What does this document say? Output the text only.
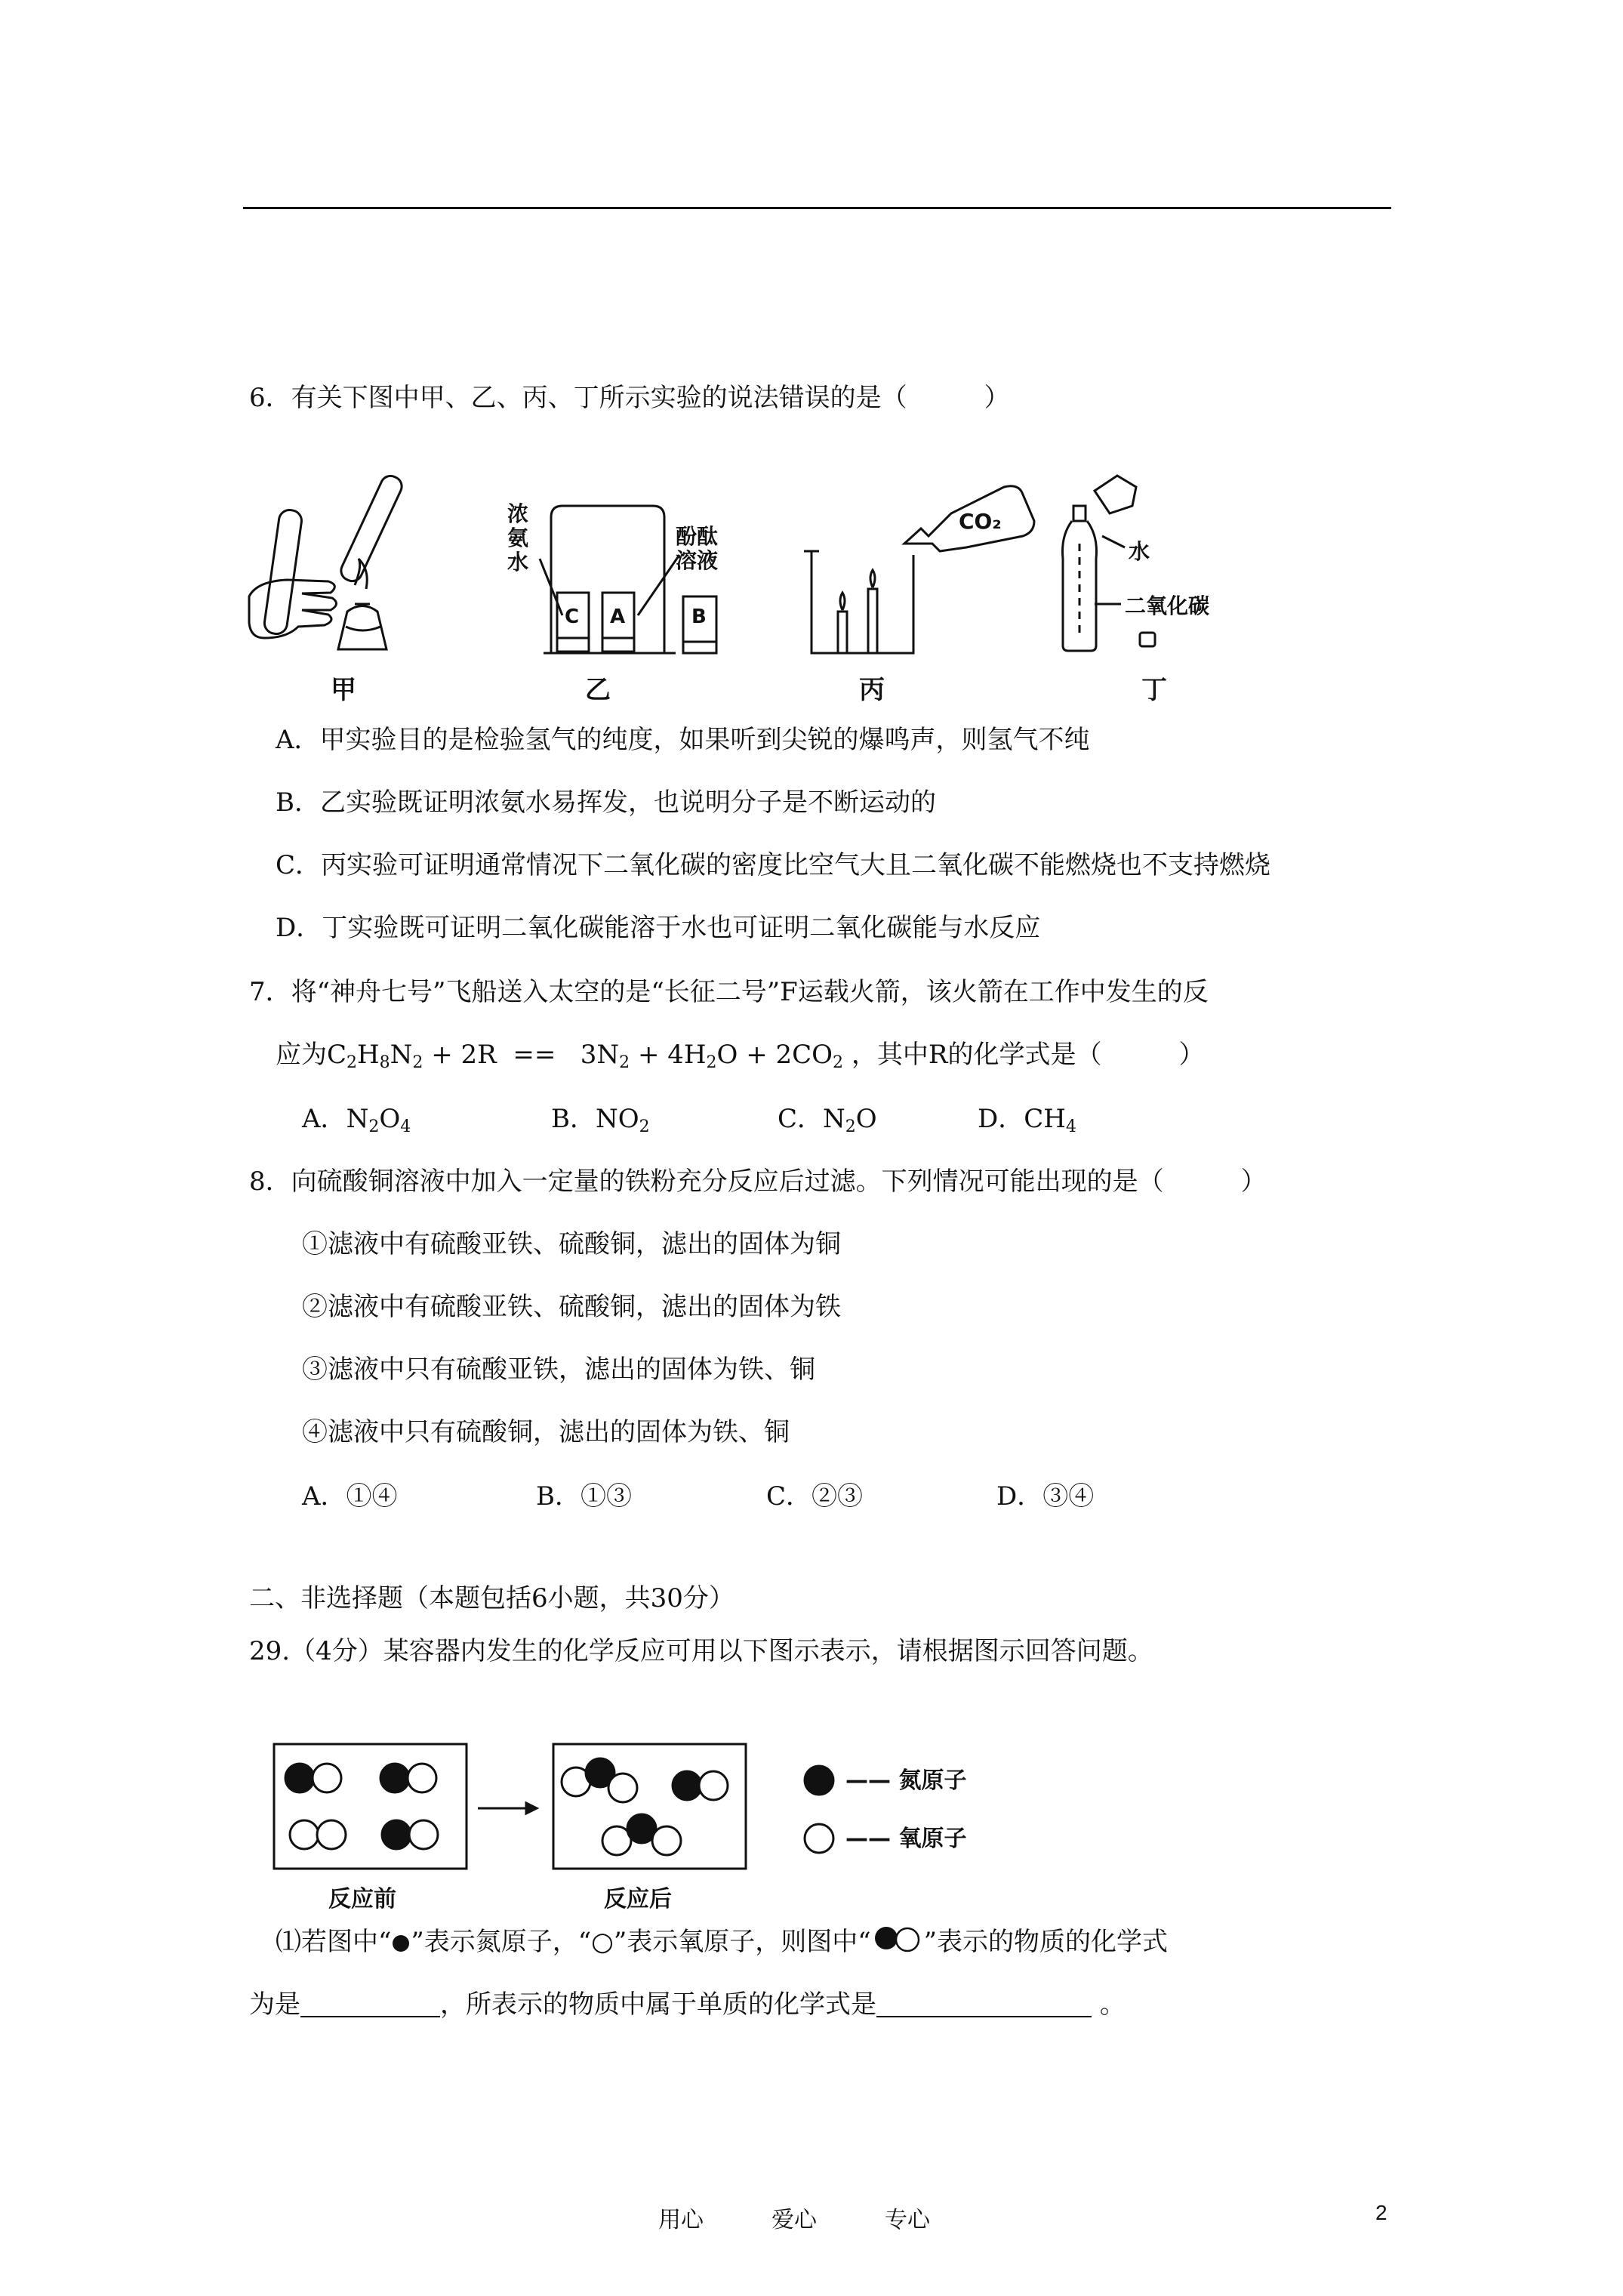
6．有关下图中甲、乙、丙、丁所示实验的说法错误的是（　　　）
甲
浓
氨
水
酚酞
溶液
C A	B
乙
CO₂
丙
水
二氧化碳
丁
A．甲实验目的是检验氢气的纯度，如果听到尖锐的爆鸣声，则氢气不纯
B．乙实验既证明浓氨水易挥发，也说明分子是不断运动的
C．丙实验可证明通常情况下二氧化碳的密度比空气大且二氧化碳不能燃烧也不支持燃烧
D．丁实验既可证明二氧化碳能溶于水也可证明二氧化碳能与水反应
7．将“神舟七号”飞船送入太空的是“长征二号”F运载火箭，该火箭在工作中发生的反
应为$C_2H_8N_2 + 2R == 3N_2 + 4H_2O + 2CO_2$ ，其中R的化学式是（　　　）
A．$N_2O_4$	B．$NO_2$	C．$N_2O$	D．$CH_4$
8．向硫酸铜溶液中加入一定量的铁粉充分反应后过滤。下列情况可能出现的是（　　　）
①滤液中有硫酸亚铁、硫酸铜，滤出的固体为铜
②滤液中有硫酸亚铁、硫酸铜，滤出的固体为铁
③滤液中只有硫酸亚铁，滤出的固体为铁、铜
④滤液中只有硫酸铜，滤出的固体为铁、铜
A．①④	B．①③	C．②③	D．③④
二、非选择题（本题包括6小题，共30分）
29.（4分）某容器内发生的化学反应可用以下图示表示，请根据图示回答问题。
反应前	反应后
—— 氮原子
—— 氧原子
⑴若图中“ ”表示氮原子，“○”表示氧原子，则图中“ ”表示的物质的化学式
为是	，所表示的物质中属于单质的化学式是	。
用心　　　爱心　　　专心	2
